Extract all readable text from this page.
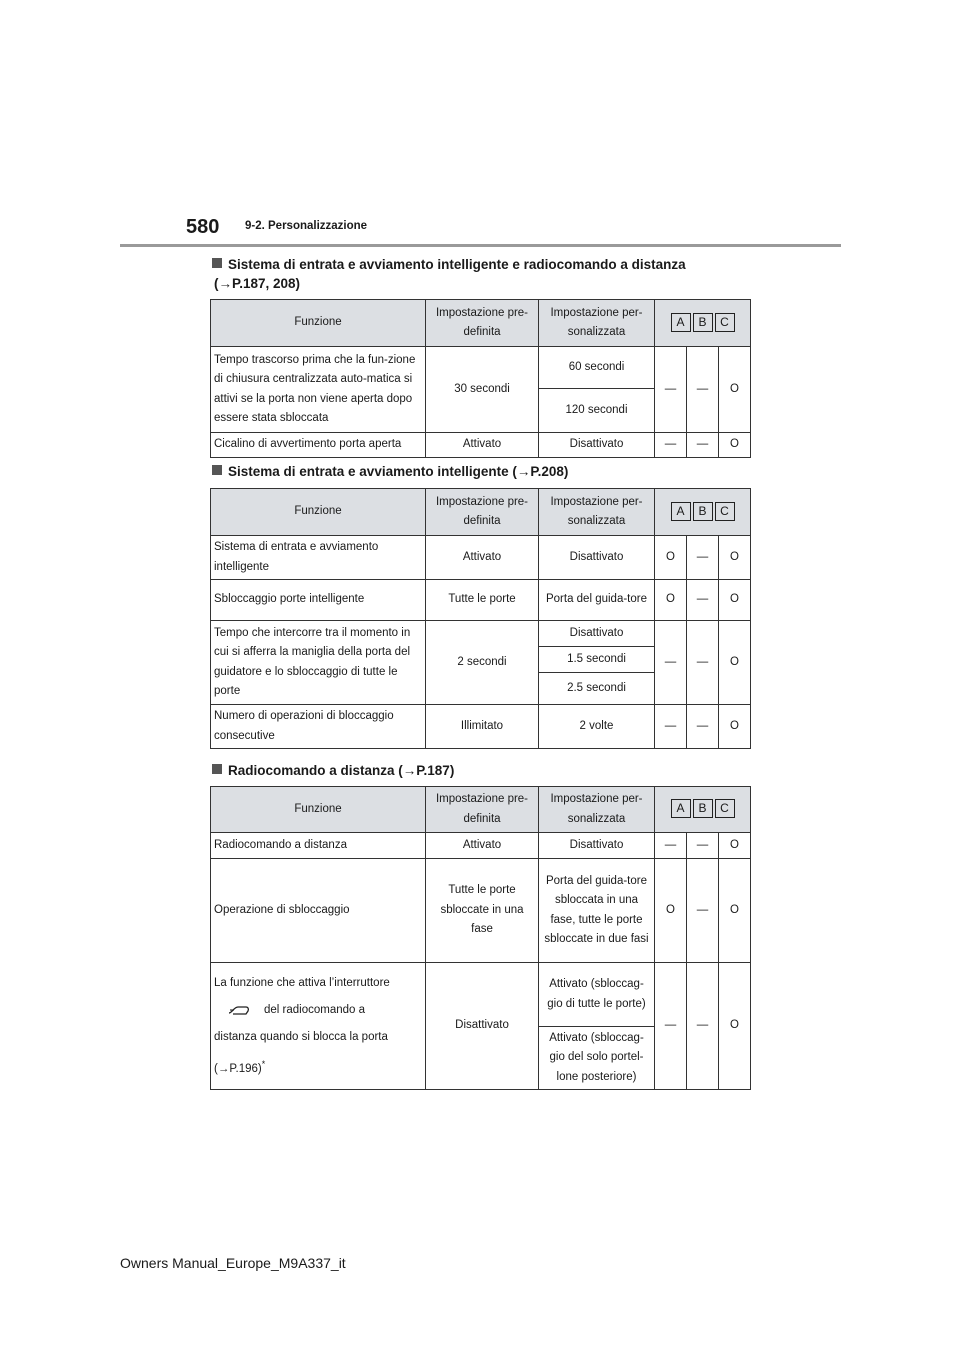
580 9-2. Personalizzazione
Sistema di entrata e avviamento intelligente e radiocomando a distanza
(→P.187, 208)
Funzione	Impostazione pre-definita	Impostazione per-sonalizzata	A B C		
Tempo trascorso prima che la fun-zione di chiusura centralizzata auto-matica si attivi se la porta non viene aperta dopo essere stata sbloccata	30 secondi	60 secondi	—	—	O
		120 secondi			
Cicalino di avvertimento porta aperta	Attivato	Disattivato	—	—	O
Sistema di entrata e avviamento intelligente (→P.208)
Funzione	Impostazione pre-definita	Impostazione per-sonalizzata	A B C		
Sistema di entrata e avviamento intelligente	Attivato	Disattivato	O	—	O
Sbloccaggio porte intelligente	Tutte le porte	Porta del guida-tore	O	—	O
Tempo che intercorre tra il momento in cui si afferra la maniglia della porta del guidatore e lo sbloccaggio di tutte le porte	2 secondi	Disattivato	—	—	O
		1.5 secondi			
		2.5 secondi			
Numero di operazioni di bloccaggio consecutive	Illimitato	2 volte	—	—	O
Radiocomando a distanza (→P.187)
Funzione	Impostazione pre-definita	Impostazione per-sonalizzata	A B C		
Radiocomando a distanza	Attivato	Disattivato	—	—	O
Operazione di sbloccaggio	Tutte le porte sbloccate in una fase	Porta del guida-tore sbloccata in una fase, tutte le porte sbloccate in due fasi	O	—	O
La funzione che attiva l’interruttore
del radiocomando a
distanza quando si blocca la porta
(→P.196)*	Disattivato	Attivato (sbloccag-gio di tutte le porte)	—	—	O
		Attivato (sbloccag-gio del solo portel-lone posteriore)			
Owners Manual_Europe_M9A337_it
